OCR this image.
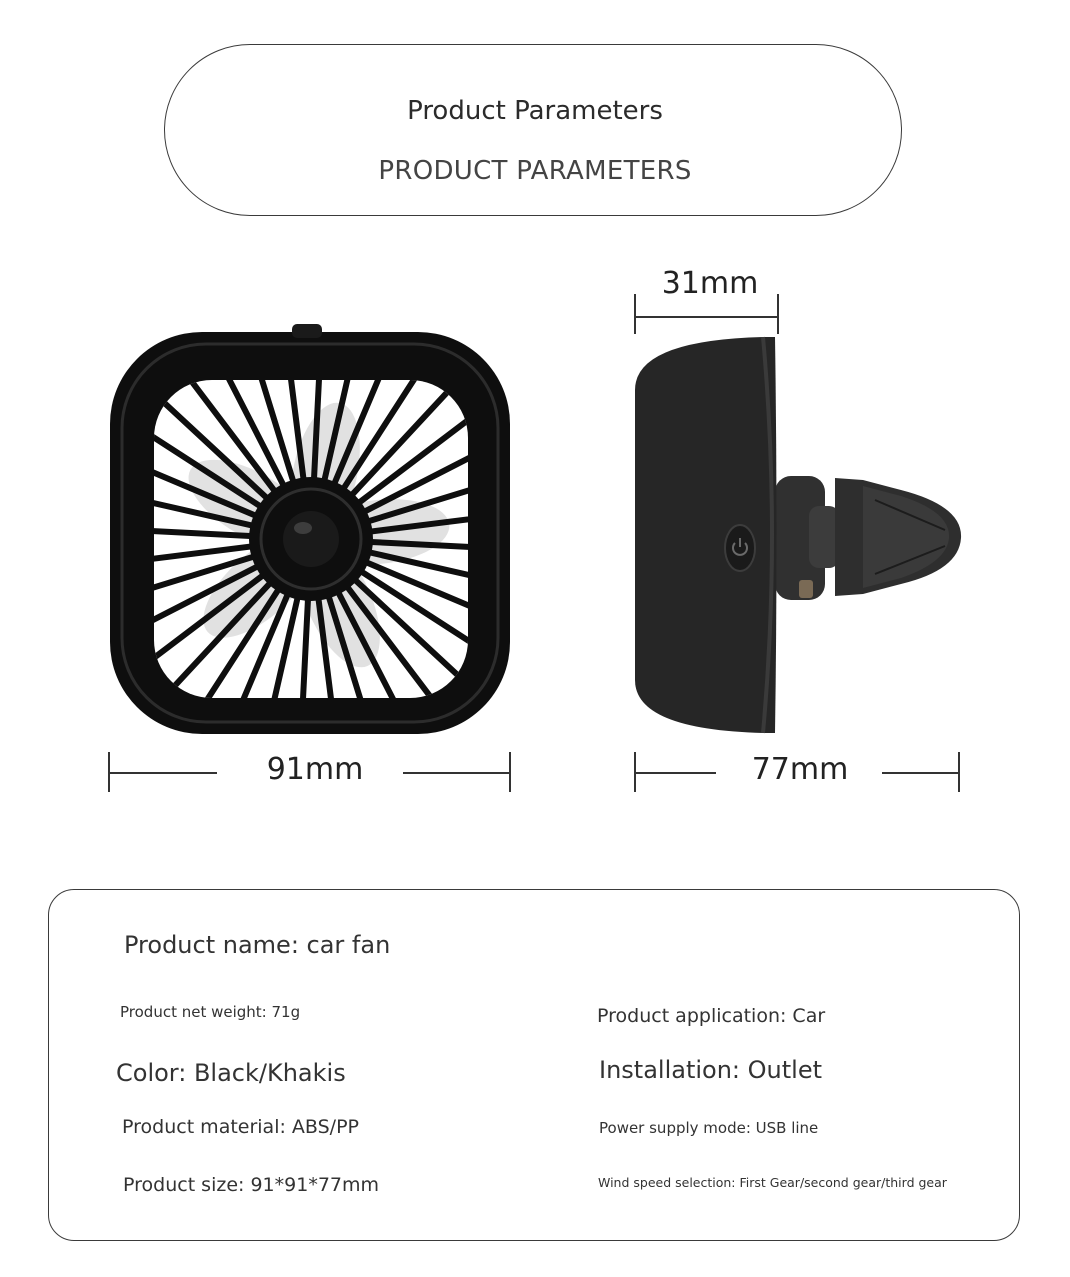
Product Parameters
PRODUCT PARAMETERS
91mm
31mm
77mm
Product name: car fan
Product net weight: 71g	Product application: Car
Color: Black/Khakis	Installation: Outlet
Product material: ABS/PP	Power supply mode: USB line
Product size: 91*91*77mm	Wind speed selection: First Gear/second gear/third gear
